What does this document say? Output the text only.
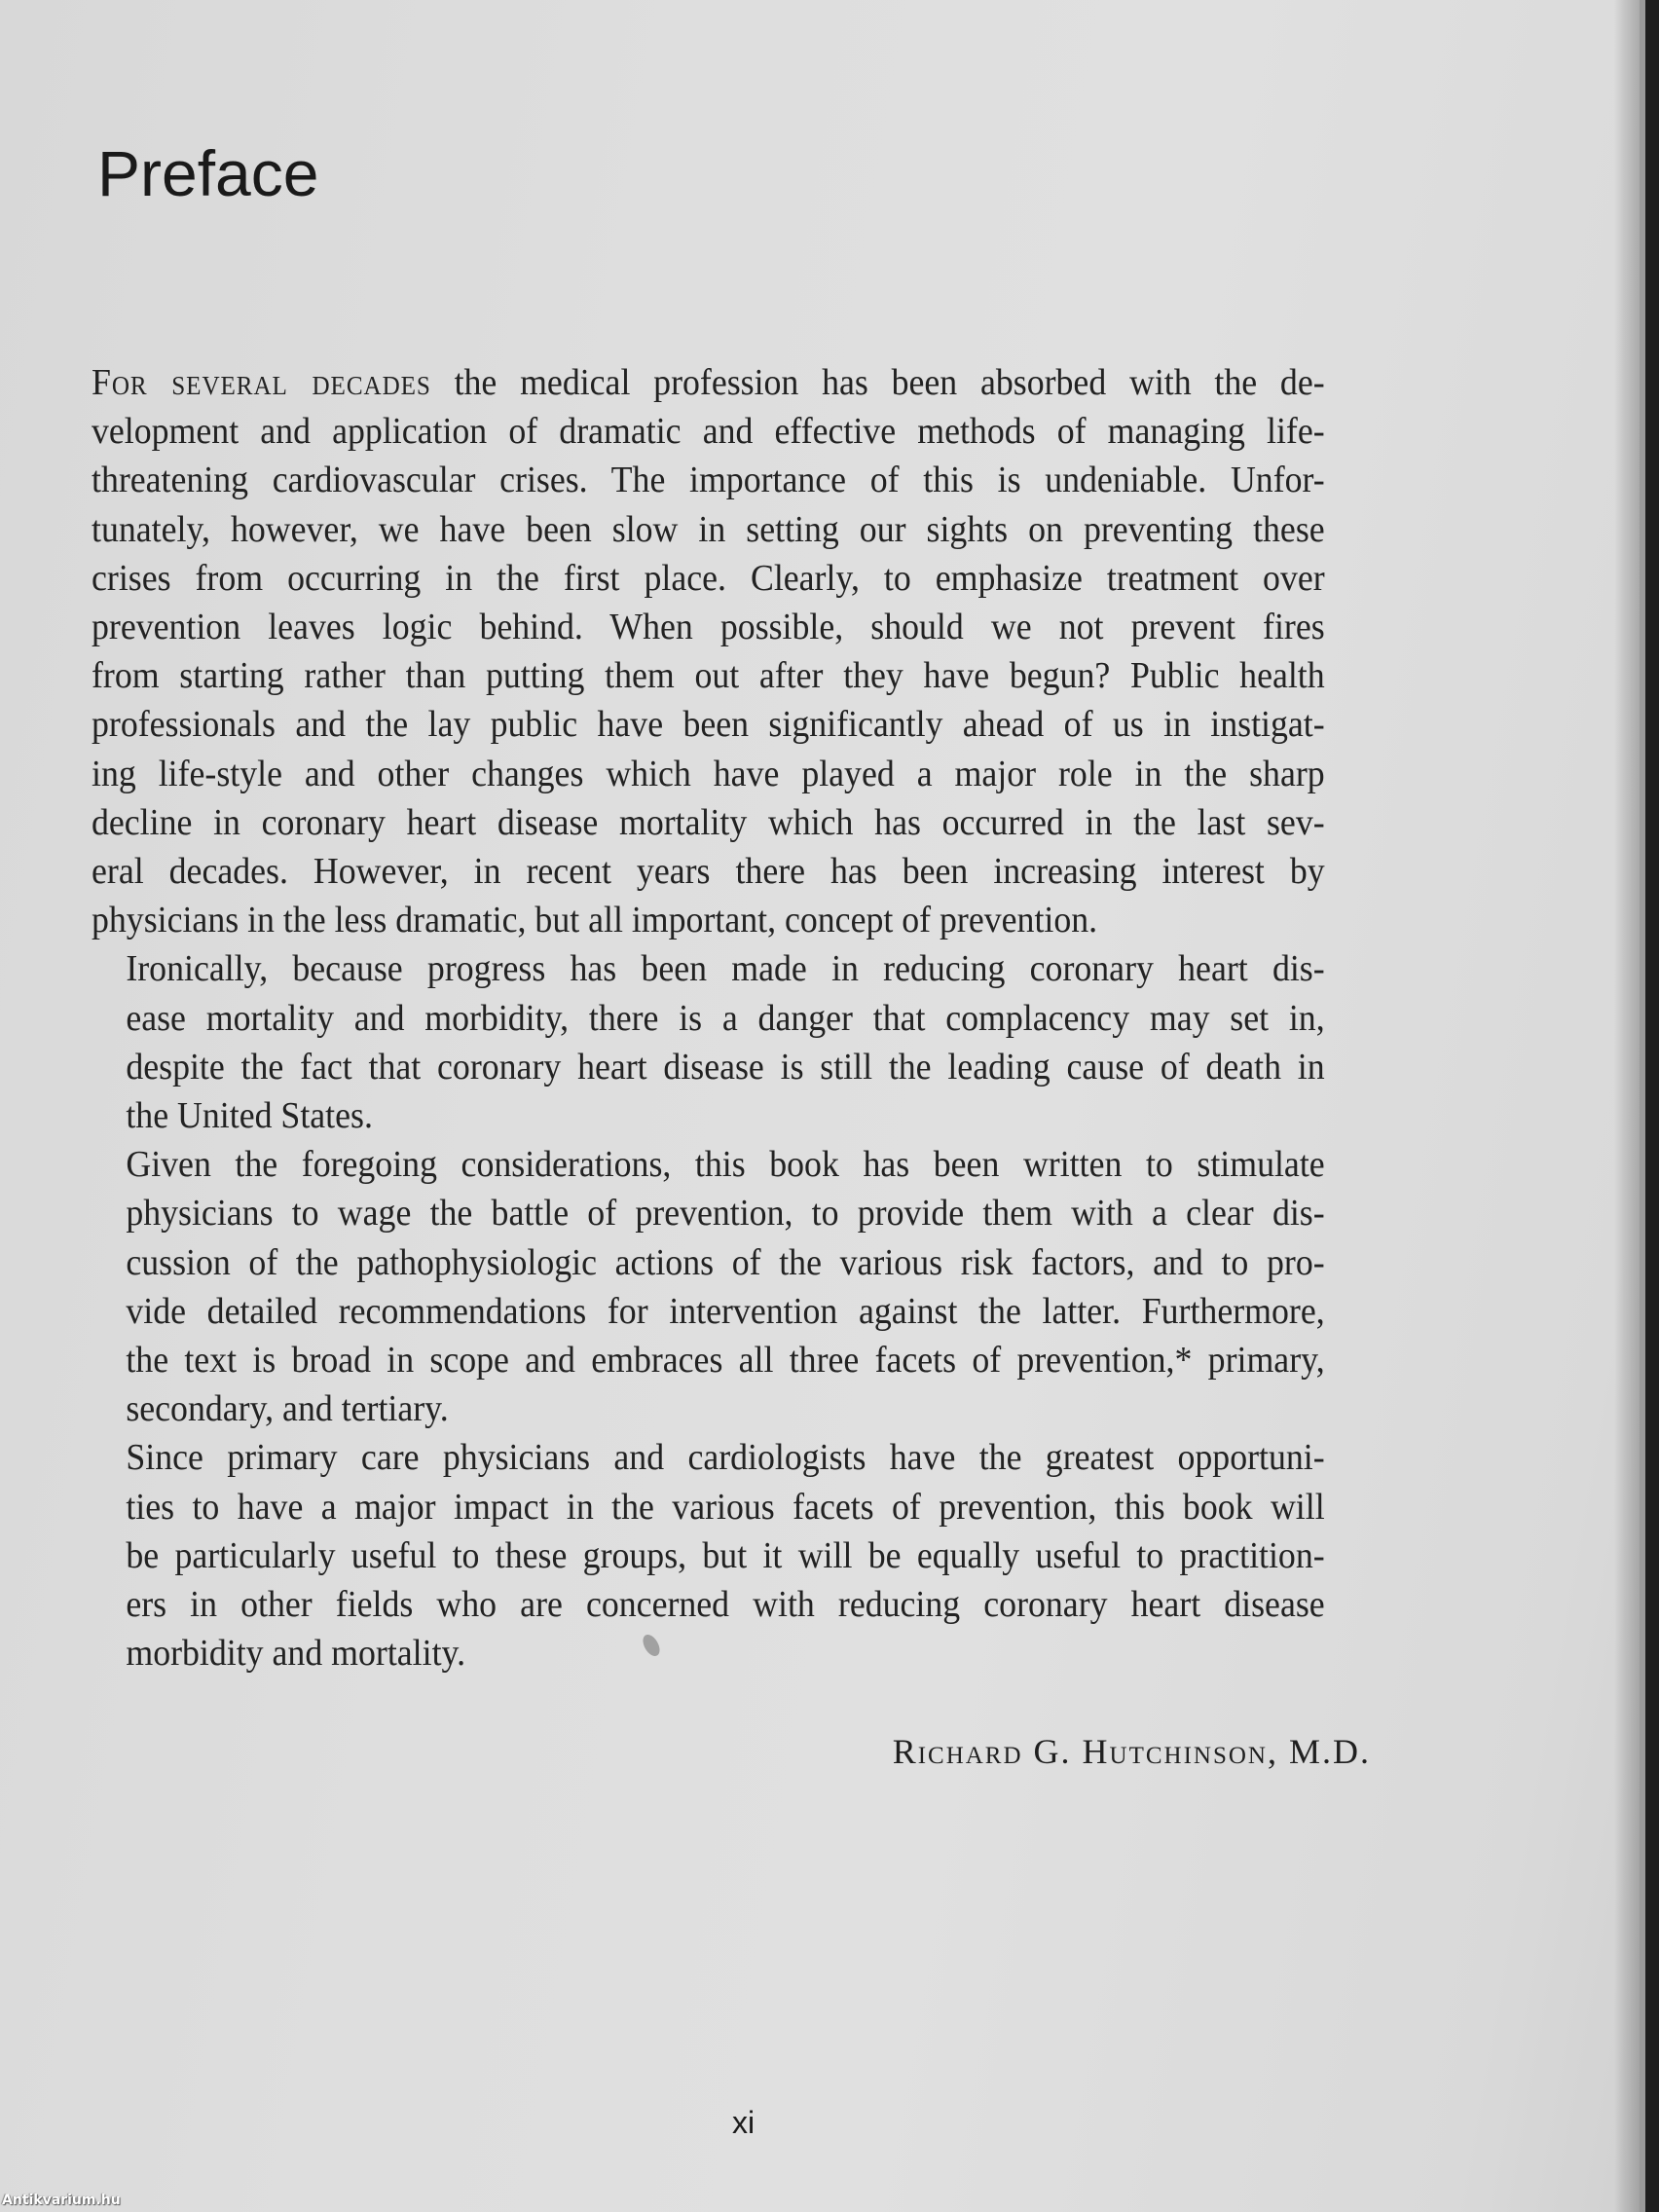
Preface

For several decades the medical profession has been absorbed with the de-
velopment and application of dramatic and effective methods of managing life-
threatening cardiovascular crises. The importance of this is undeniable. Unfor-
tunately, however, we have been slow in setting our sights on preventing these
crises from occurring in the first place. Clearly, to emphasize treatment over
prevention leaves logic behind. When possible, should we not prevent fires
from starting rather than putting them out after they have begun? Public health
professionals and the lay public have been significantly ahead of us in instigat-
ing life-style and other changes which have played a major role in the sharp
decline in coronary heart disease mortality which has occurred in the last sev-
eral decades. However, in recent years there has been increasing interest by
physicians in the less dramatic, but all important, concept of prevention.

Ironically, because progress has been made in reducing coronary heart dis-
ease mortality and morbidity, there is a danger that complacency may set in,
despite the fact that coronary heart disease is still the leading cause of death in
the United States.

Given the foregoing considerations, this book has been written to stimulate
physicians to wage the battle of prevention, to provide them with a clear dis-
cussion of the pathophysiologic actions of the various risk factors, and to pro-
vide detailed recommendations for intervention against the latter. Furthermore,
the text is broad in scope and embraces all three facets of prevention,* primary,
secondary, and tertiary.

Since primary care physicians and cardiologists have the greatest opportuni-
ties to have a major impact in the various facets of prevention, this book will
be particularly useful to these groups, but it will be equally useful to practition-
ers in other fields who are concerned with reducing coronary heart disease
morbidity and mortality.

Richard G. Hutchinson, M.D.
xi
Antikvarium.hu
